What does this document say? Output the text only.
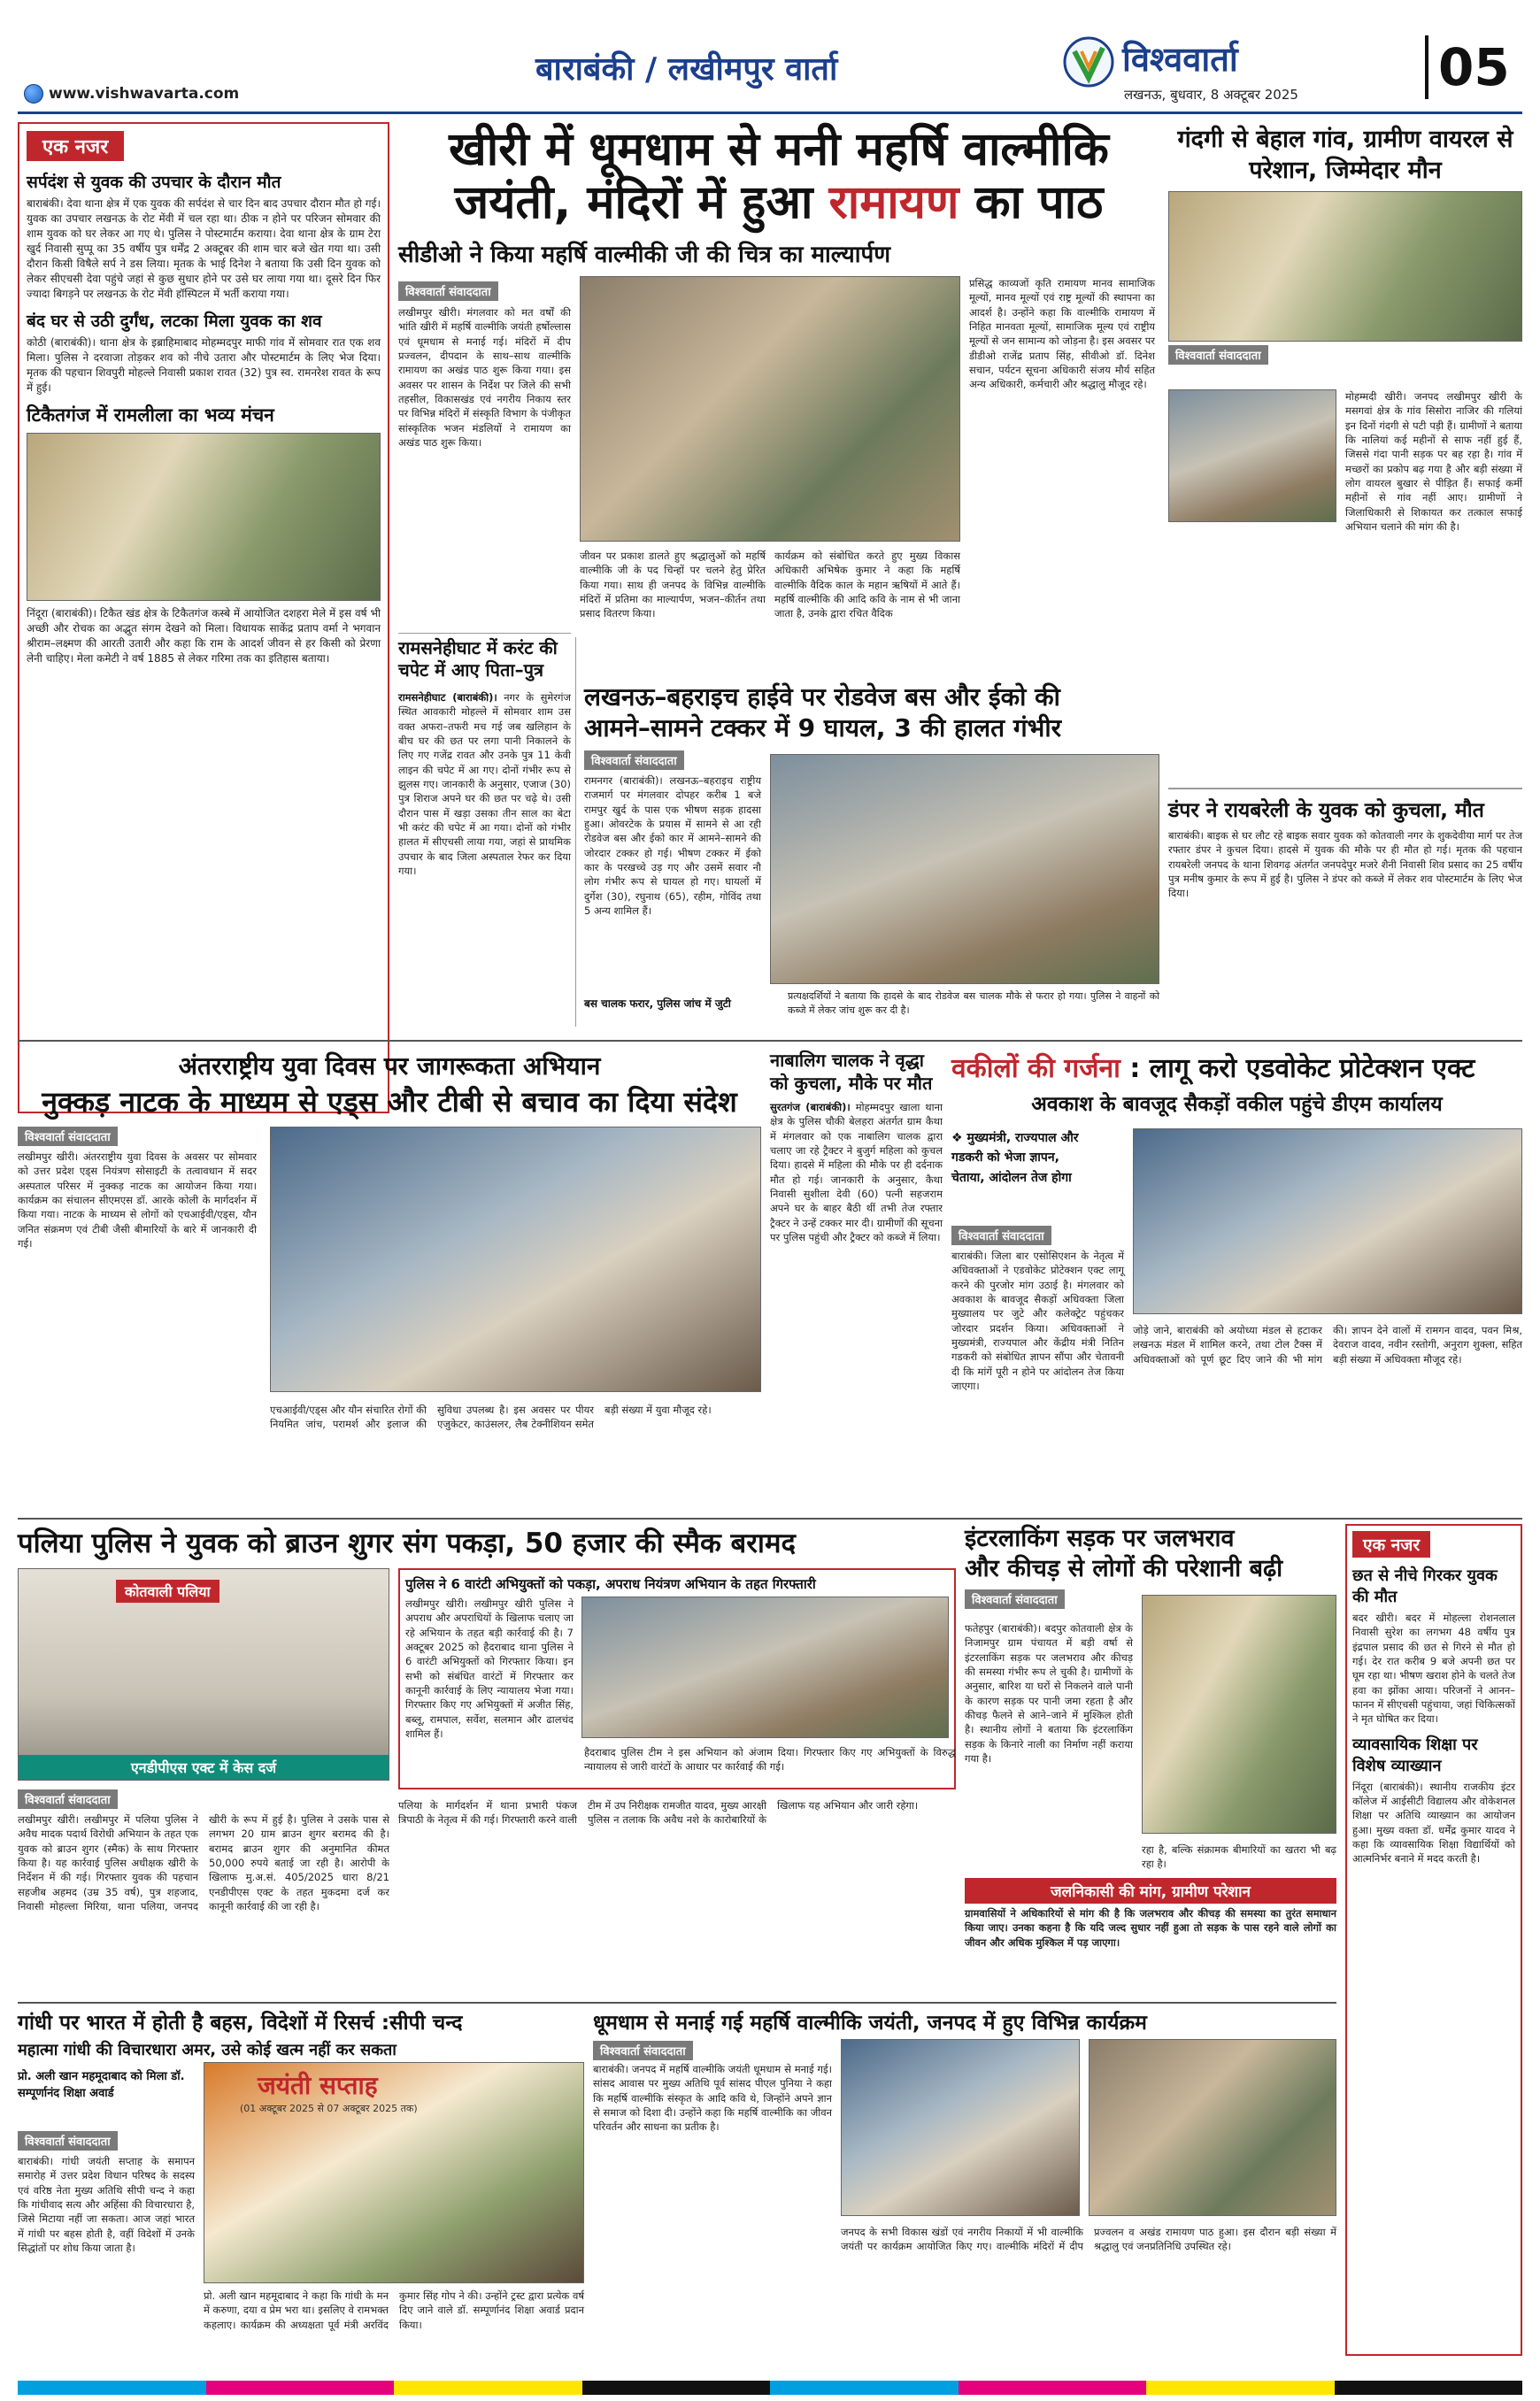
बाराबंकी / लखीमपुर वार्ता
www.vishwavarta.com
विश्ववार्ता
लखनऊ, बुधवार, 8 अक्टूबर 2025	05
एक नजर
सर्पदंश से युवक की उपचार के दौरान मौत
बाराबंकी। देवा थाना क्षेत्र में एक युवक की सर्पदंश से चार दिन बाद उपचार दौरान मौत हो गई। युवक का उपचार लखनऊ के रोट मेंवी में चल रहा था। ठीक न होने पर परिजन सोमवार की शाम युवक को घर लेकर आ गए थे। पुलिस ने पोस्टमार्टम कराया। देवा थाना क्षेत्र के ग्राम टेरा खुर्द निवासी सुप्पू का 35 वर्षीय पुत्र धर्मेंद्र 2 अक्टूबर की शाम चार बजे खेत गया था। उसी दौरान किसी विषैले सर्प ने डस लिया। मृतक के भाई दिनेश ने बताया कि उसी दिन युवक को लेकर सीएचसी देवा पहुंचे जहां से कुछ सुधार होने पर उसे घर लाया गया था। दूसरे दिन फिर ज्यादा बिगड़ने पर लखनऊ के रोट मेंवी हॉस्पिटल में भर्ती कराया गया।
बंद घर से उठी दुर्गंध, लटका मिला युवक का शव
कोठी (बाराबंकी)। थाना क्षेत्र के इब्राहिमाबाद मोहम्मदपुर माफी गांव में सोमवार रात एक शव मिला। पुलिस ने दरवाजा तोड़कर शव को नीचे उतारा और पोस्टमार्टम के लिए भेज दिया। मृतक की पहचान शिवपुरी मोहल्ले निवासी प्रकाश रावत (32) पुत्र स्व. रामनरेश रावत के रूप में हुई।
टिकैतगंज में रामलीला का भव्य मंचन
निंदूरा (बाराबंकी)। टिकैत खंड क्षेत्र के टिकैतगंज कस्बे में आयोजित दशहरा मेले में इस वर्ष भी अच्छी और रोचक का अद्भुत संगम देखने को मिला। विधायक साकेंद्र प्रताप वर्मा ने भगवान श्रीराम–लक्ष्मण की आरती उतारी और कहा कि राम के आदर्श जीवन से हर किसी को प्रेरणा लेनी चाहिए। मेला कमेटी ने वर्ष 1885 से लेकर गरिमा तक का इतिहास बताया।
खीरी में धूमधाम से मनी महर्षि वाल्मीकि
जयंती, मंदिरों में हुआ रामायण का पाठ
सीडीओ ने किया महर्षि वाल्मीकी जी की चित्र का माल्यार्पण
विश्ववार्ता संवाददाता
लखीमपुर खीरी। मंगलवार को मत वर्षों की भांति खीरी में महर्षि वाल्मीकि जयंती हर्षोल्लास एवं धूमधाम से मनाई गई। मंदिरों में दीप प्रज्वलन, दीपदान के साथ–साथ वाल्मीकि रामायण का अखंड पाठ शुरू किया गया। इस अवसर पर शासन के निर्देश पर जिले की सभी तहसील, विकासखंड एवं नगरीय निकाय स्तर पर विभिन्न मंदिरों में संस्कृति विभाग के पंजीकृत सांस्कृतिक भजन मंडलियों ने रामायण का अखंड पाठ शुरू किया।
प्रसिद्ध काव्यजों कृति रामायण मानव सामाजिक मूल्यों, मानव मूल्यों एवं राष्ट्र मूल्यों की स्थापना का आदर्श है। उन्होंने कहा कि वाल्मीकि रामायण में निहित मानवता मूल्यों, सामाजिक मूल्य एवं राष्ट्रीय मूल्यों से जन सामान्य को जोड़ना है। इस अवसर पर डीडीओ राजेंद्र प्रताप सिंह, सीवीओ डॉ. दिनेश सचान, पर्यटन सूचना अधिकारी संजय मौर्य सहित अन्य अधिकारी, कर्मचारी और श्रद्धालु मौजूद रहे।
जीवन पर प्रकाश डालते हुए श्रद्धालुओं को महर्षि वाल्मीकि जी के पद चिन्हों पर चलने हेतु प्रेरित किया गया। साथ ही जनपद के विभिन्न वाल्मीकि मंदिरों में प्रतिमा का माल्यार्पण, भजन–कीर्तन तथा प्रसाद वितरण किया।
कार्यक्रम को संबोधित करते हुए मुख्य विकास अधिकारी अभिषेक कुमार ने कहा कि महर्षि वाल्मीकि वैदिक काल के महान ऋषियों में आते हैं। महर्षि वाल्मीकि की आदि कवि के नाम से भी जाना जाता है, उनके द्वारा रचित वैदिक
रामसनेहीघाट में करंट की चपेट में आए पिता–पुत्र
रामसनेहीघाट (बाराबंकी)। नगर के सुमेरगंज स्थित आवकारी मोहल्ले में सोमवार शाम उस वक्त अफरा–तफरी मच गई जब खलिहान के बीच घर की छत पर लगा पानी निकालने के लिए गए गजेंद्र रावत और उनके पुत्र 11 केवी लाइन की चपेट में आ गए। दोनों गंभीर रूप से झुलस गए। जानकारी के अनुसार, एजाज (30) पुत्र शिराज अपने घर की छत पर चढ़े थे। उसी दौरान पास में खड़ा उसका तीन साल का बेटा भी करंट की चपेट में आ गया। दोनों को गंभीर हालत में सीएचसी लाया गया, जहां से प्राथमिक उपचार के बाद जिला अस्पताल रेफर कर दिया गया।
लखनऊ–बहराइच हाईवे पर रोडवेज बस और ईको की
आमने–सामने टक्कर में 9 घायल, 3 की हालत गंभीर
विश्ववार्ता संवाददाता
रामनगर (बाराबंकी)। लखनऊ–बहराइच राष्ट्रीय राजमार्ग पर मंगलवार दोपहर करीब 1 बजे रामपुर खुर्द के पास एक भीषण सड़क हादसा हुआ। ओवरटेक के प्रयास में सामने से आ रही रोडवेज बस और ईको कार में आमने–सामने की जोरदार टक्कर हो गई। भीषण टक्कर में ईको कार के परखच्चे उड़ गए और उसमें सवार नौ लोग गंभीर रूप से घायल हो गए। घायलों में दुर्गेश (30), रघुनाथ (65), रहीम, गोविंद तथा 5 अन्य शामिल हैं।
बस चालक फरार, पुलिस जांच में जुटी
प्रत्यक्षदर्शियों ने बताया कि हादसे के बाद रोडवेज बस चालक मौके से फरार हो गया। पुलिस ने वाहनों को कब्जे में लेकर जांच शुरू कर दी है।
गंदगी से बेहाल गांव, ग्रामीण वायरल से परेशान, जिम्मेदार मौन
विश्ववार्ता संवाददाता
मोहम्मदी खीरी। जनपद लखीमपुर खीरी के मसगवां क्षेत्र के गांव सिसोरा नाजिर की गलियां इन दिनों गंदगी से पटी पड़ी हैं। ग्रामीणों ने बताया कि नालियां कई महीनों से साफ नहीं हुई हैं, जिससे गंदा पानी सड़क पर बह रहा है। गांव में मच्छरों का प्रकोप बढ़ गया है और बड़ी संख्या में लोग वायरल बुखार से पीड़ित हैं। सफाई कर्मी महीनों से गांव नहीं आए। ग्रामीणों ने जिलाधिकारी से शिकायत कर तत्काल सफाई अभियान चलाने की मांग की है।
डंपर ने रायबरेली के युवक को कुचला, मौत
बाराबंकी। बाइक से घर लौट रहे बाइक सवार युवक को कोतवाली नगर के शुकदेवीया मार्ग पर तेज रफ्तार डंपर ने कुचल दिया। हादसे में युवक की मौके पर ही मौत हो गई। मृतक की पहचान रायबरेली जनपद के थाना शिवगढ़ अंतर्गत जनपदेपुर मजरे शैनी निवासी शिव प्रसाद का 25 वर्षीय पुत्र मनीष कुमार के रूप में हुई है। पुलिस ने डंपर को कब्जे में लेकर शव पोस्टमार्टम के लिए भेज दिया।
अंतरराष्ट्रीय युवा दिवस पर जागरूकता अभियान
नुक्कड़ नाटक के माध्यम से एड्स और टीबी से बचाव का दिया संदेश
विश्ववार्ता संवाददाता
लखीमपुर खीरी। अंतरराष्ट्रीय युवा दिवस के अवसर पर सोमवार को उत्तर प्रदेश एड्स नियंत्रण सोसाइटी के तत्वावधान में सदर अस्पताल परिसर में नुक्कड़ नाटक का आयोजन किया गया। कार्यक्रम का संचालन सीएमएस डॉ. आरके कोली के मार्गदर्शन में किया गया। नाटक के माध्यम से लोगों को एचआईवी/एड्स, यौन जनित संक्रमण एवं टीबी जैसी बीमारियों के बारे में जानकारी दी गई।
एचआईवी/एड्स और यौन संचारित रोगों की नियमित जांच, परामर्श और इलाज की सुविधा उपलब्ध है। इस अवसर पर पीयर एजुकेटर, काउंसलर, लैब टेक्नीशियन समेत बड़ी संख्या में युवा मौजूद रहे।
नाबालिग चालक ने वृद्धा को कुचला, मौके पर मौत
सुरतगंज (बाराबंकी)। मोहम्मदपुर खाला थाना क्षेत्र के पुलिस चौकी बेलहरा अंतर्गत ग्राम कैथा में मंगलवार को एक नाबालिग चालक द्वारा चलाए जा रहे ट्रैक्टर ने बुजुर्ग महिला को कुचल दिया। हादसे में महिला की मौके पर ही दर्दनाक मौत हो गई। जानकारी के अनुसार, कैथा निवासी सुशीला देवी (60) पत्नी सहजराम अपने घर के बाहर बैठी थीं तभी तेज रफ्तार ट्रैक्टर ने उन्हें टक्कर मार दी। ग्रामीणों की सूचना पर पुलिस पहुंची और ट्रैक्टर को कब्जे में लिया।
वकीलों की गर्जना : लागू करो एडवोकेट प्रोटेक्शन एक्ट
अवकाश के बावजूद सैकड़ों वकील पहुंचे डीएम कार्यालय
❖ मुख्यमंत्री, राज्यपाल और
गडकरी को भेजा ज्ञापन,
चेताया, आंदोलन तेज होगा
विश्ववार्ता संवाददाता
बाराबंकी। जिला बार एसोसिएशन के नेतृत्व में अधिवक्ताओं ने एडवोकेट प्रोटेक्शन एक्ट लागू करने की पुरजोर मांग उठाई है। मंगलवार को अवकाश के बावजूद सैकड़ों अधिवक्ता जिला मुख्यालय पर जुटे और कलेक्ट्रेट पहुंचकर जोरदार प्रदर्शन किया। अधिवक्ताओं ने मुख्यमंत्री, राज्यपाल और केंद्रीय मंत्री नितिन गडकरी को संबोधित ज्ञापन सौंपा और चेतावनी दी कि मांगें पूरी न होने पर आंदोलन तेज किया जाएगा।
जोड़े जाने, बाराबंकी को अयोध्या मंडल से हटाकर लखनऊ मंडल में शामिल करने, तथा टोल टैक्स में अधिवक्ताओं को पूर्ण छूट दिए जाने की भी मांग की। ज्ञापन देने वालों में रामगन वादव, पवन मिश्र, देवराज वादव, नवीन रस्तोगी, अनुराग शुक्ला, सहित बड़ी संख्या में अधिवक्ता मौजूद रहे।
पलिया पुलिस ने युवक को ब्राउन शुगर संग पकड़ा, 50 हजार की स्मैक बरामद
कोतवाली पलिया
एनडीपीएस एक्ट में केस दर्ज
विश्ववार्ता संवाददाता
लखीमपुर खीरी। लखीमपुर में पलिया पुलिस ने अवैध मादक पदार्थ विरोधी अभियान के तहत एक युवक को ब्राउन शुगर (स्मैक) के साथ गिरफ्तार किया है। यह कार्रवाई पुलिस अधीक्षक खीरी के निर्देशन में की गई। गिरफ्तार युवक की पहचान सहजीब अहमद (उम्र 35 वर्ष), पुत्र शहजाद, निवासी मोहल्ला मिरिया, थाना पलिया, जनपद खीरी के रूप में हुई है। पुलिस ने उसके पास से लगभग 20 ग्राम ब्राउन शुगर बरामद की है। बरामद ब्राउन शुगर की अनुमानित कीमत 50,000 रुपये बताई जा रही है। आरोपी के खिलाफ मु.अ.सं. 405/2025 धारा 8/21 एनडीपीएस एक्ट के तहत मुकदमा दर्ज कर कानूनी कार्रवाई की जा रही है।
पुलिस ने 6 वारंटी अभियुक्तों को पकड़ा, अपराध नियंत्रण अभियान के तहत गिरफ्तारी
लखीमपुर खीरी। लखीमपुर खीरी पुलिस ने अपराध और अपराधियों के खिलाफ चलाए जा रहे अभियान के तहत बड़ी कार्रवाई की है। 7 अक्टूबर 2025 को हैदराबाद थाना पुलिस ने 6 वारंटी अभियुक्तों को गिरफ्तार किया। इन सभी को संबंधित वारंटों में गिरफ्तार कर कानूनी कार्रवाई के लिए न्यायालय भेजा गया। गिरफ्तार किए गए अभियुक्तों में अजीत सिंह, बब्लू, रामपाल, सर्वेश, सलमान और ढालचंद शामिल हैं।
हैदराबाद पुलिस टीम ने इस अभियान को अंजाम दिया। गिरफ्तार किए गए अभियुक्तों के विरुद्ध न्यायालय से जारी वारंटों के आधार पर कार्रवाई की गई।
पलिया के मार्गदर्शन में थाना प्रभारी पंकज त्रिपाठी के नेतृत्व में की गई। गिरफ्तारी करने वाली टीम में उप निरीक्षक रामजीत यादव, मुख्य आरक्षी पुलिस न तलाक कि अवैध नशे के कारोबारियों के खिलाफ यह अभियान और जारी रहेगा।
इंटरलाकिंग सड़क पर जलभराव
और कीचड़ से लोगों की परेशानी बढ़ी
विश्ववार्ता संवाददाता
फतेहपुर (बाराबंकी)। बदपुर कोतवाली क्षेत्र के निजामपुर ग्राम पंचायत में बड़ी वर्षा से इंटरलाकिंग सड़क पर जलभराव और कीचड़ की समस्या गंभीर रूप ले चुकी है। ग्रामीणों के अनुसार, बारिश या घरों से निकलने वाले पानी के कारण सड़क पर पानी जमा रहता है और कीचड़ फैलने से आने–जाने में मुश्किल होती है। स्थानीय लोगों ने बताया कि इंटरलाकिंग सड़क के किनारे नाली का निर्माण नहीं कराया गया है।
रहा है, बल्कि संक्रामक बीमारियों का खतरा भी बढ़ रहा है।
जलनिकासी की मांग, ग्रामीण परेशान
ग्रामवासियों ने अधिकारियों से मांग की है कि जलभराव और कीचड़ की समस्या का तुरंत समाधान किया जाए। उनका कहना है कि यदि जल्द सुधार नहीं हुआ तो सड़क के पास रहने वाले लोगों का जीवन और अधिक मुश्किल में पड़ जाएगा।
एक नजर
छत से नीचे गिरकर युवक की मौत
बदर खीरी। बदर में मोहल्ला रोशनलाल निवासी सुरेश का लगभग 48 वर्षीय पुत्र इंद्रपाल प्रसाद की छत से गिरने से मौत हो गई। देर रात करीब 9 बजे अपनी छत पर घूम रहा था। भीषण खराश होने के चलते तेज हवा का झोंका आया। परिजनों ने आनन–फानन में सीएचसी पहुंचाया, जहां चिकित्सकों ने मृत घोषित कर दिया।
व्यावसायिक शिक्षा पर विशेष व्याख्यान
निंदूरा (बाराबंकी)। स्थानीय राजकीय इंटर कॉलेज में आईसीटी विद्यालय और वोकेशनल शिक्षा पर अतिथि व्याख्यान का आयोजन हुआ। मुख्य वक्ता डॉ. धर्मेंद्र कुमार यादव ने कहा कि व्यावसायिक शिक्षा विद्यार्थियों को आत्मनिर्भर बनाने में मदद करती है।
गांधी पर भारत में होती है बहस, विदेशों में रिसर्च :सीपी चन्द
महात्मा गांधी की विचारधारा अमर, उसे कोई खत्म नहीं कर सकता
प्रो. अली खान महमूदाबाद को मिला डॉ. सम्पूर्णानंद शिक्षा अवार्ड	जयंती सप्ताह
(01 अक्टूबर 2025 से 07 अक्टूबर 2025 तक)
विश्ववार्ता संवाददाता
बाराबंकी। गांधी जयंती सप्ताह के समापन समारोह में उत्तर प्रदेश विधान परिषद के सदस्य एवं वरिष्ठ नेता मुख्य अतिथि सीपी चन्द ने कहा कि गांधीवाद सत्य और अहिंसा की विचारधारा है, जिसे मिटाया नहीं जा सकता। आज जहां भारत में गांधी पर बहस होती है, वहीं विदेशों में उनके सिद्धांतों पर शोध किया जाता है।
प्रो. अली खान महमूदाबाद ने कहा कि गांधी के मन में करुणा, दया व प्रेम भरा था। इसलिए वे रामभक्त कहलाए। कार्यक्रम की अध्यक्षता पूर्व मंत्री अरविंद कुमार सिंह गोप ने की। उन्होंने ट्रस्ट द्वारा प्रत्येक वर्ष दिए जाने वाले डॉ. सम्पूर्णानंद शिक्षा अवार्ड प्रदान किया।
धूमधाम से मनाई गई महर्षि वाल्मीकि जयंती, जनपद में हुए विभिन्न कार्यक्रम
विश्ववार्ता संवाददाता
बाराबंकी। जनपद में महर्षि वाल्मीकि जयंती धूमधाम से मनाई गई। सांसद आवास पर मुख्य अतिथि पूर्व सांसद पीएल पुनिया ने कहा कि महर्षि वाल्मीकि संस्कृत के आदि कवि थे, जिन्होंने अपने ज्ञान से समाज को दिशा दी। उन्होंने कहा कि महर्षि वाल्मीकि का जीवन परिवर्तन और साधना का प्रतीक है।
जनपद के सभी विकास खंडों एवं नगरीय निकायों में भी वाल्मीकि जयंती पर कार्यक्रम आयोजित किए गए। वाल्मीकि मंदिरों में दीप प्रज्वलन व अखंड रामायण पाठ हुआ। इस दौरान बड़ी संख्या में श्रद्धालु एवं जनप्रतिनिधि उपस्थित रहे।
